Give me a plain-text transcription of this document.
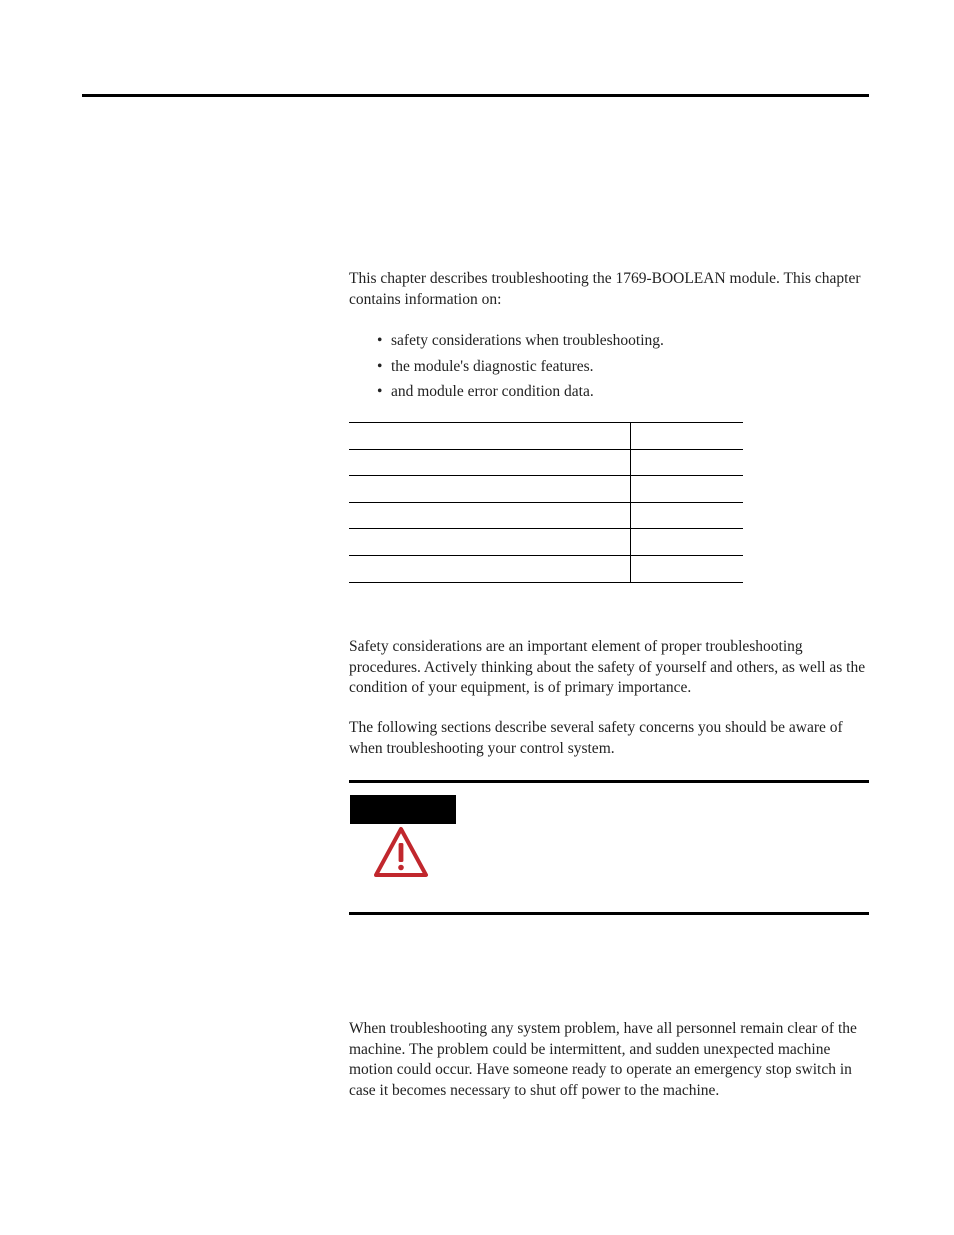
This chapter describes troubleshooting the 1769-BOOLEAN module. This chapter contains information on:

• safety considerations when troubleshooting.
• the module's diagnostic features.
• and module error condition data.

Safety considerations are an important element of proper troubleshooting procedures. Actively thinking about the safety of yourself and others, as well as the condition of your equipment, is of primary importance.

The following sections describe several safety concerns you should be aware of when troubleshooting your control system.

When troubleshooting any system problem, have all personnel remain clear of the machine. The problem could be intermittent, and sudden unexpected machine motion could occur. Have someone ready to operate an emergency stop switch in case it becomes necessary to shut off power to the machine.
